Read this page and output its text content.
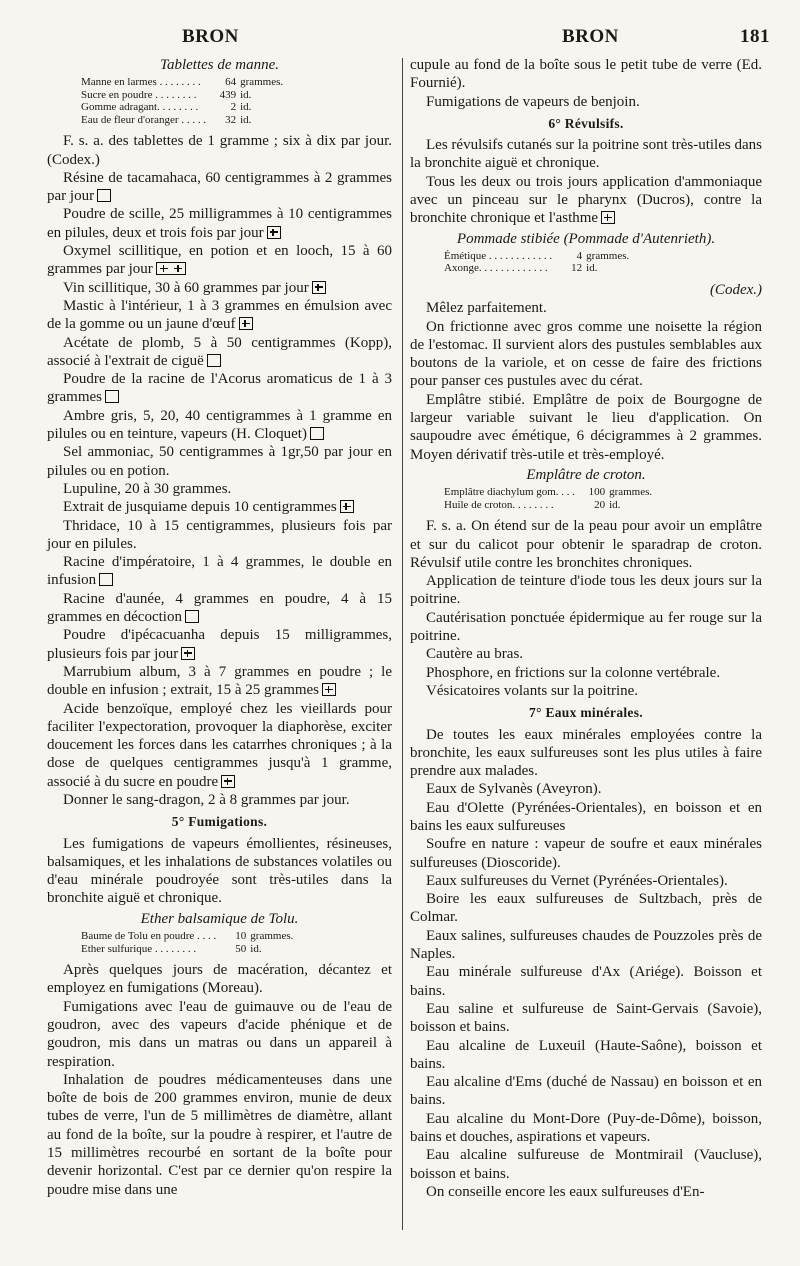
BRON	BRON	181

Tablettes de manne.

Manne en larmes . . . . . . . .	64	grammes.
Sucre en poudre . . . . . . . .	439	id.
Gomme adragant. . . . . . . .	2	id.
Eau de fleur d'oranger . . . . .	32	id.

F. s. a. des tablettes de 1 gramme ; six à dix par jour. (Codex.)

Résine de tacamahaca, 60 centigrammes à 2 grammes par jour

Poudre de scille, 25 milligrammes à 10 centigrammes en pilules, deux et trois fois par jour

Oxymel scillitique, en potion et en looch, 15 à 60 grammes par jour

Vin scillitique, 30 à 60 grammes par jour

Mastic à l'intérieur, 1 à 3 grammes en émulsion avec de la gomme ou un jaune d'œuf

Acétate de plomb, 5 à 50 centigrammes (Kopp), associé à l'extrait de ciguë

Poudre de la racine de l'Acorus aromaticus de 1 à 3 grammes

Ambre gris, 5, 20, 40 centigrammes à 1 gramme en pilules ou en teinture, vapeurs (H. Cloquet)

Sel ammoniac, 50 centigrammes à 1gr,50 par jour en pilules ou en potion.

Lupuline, 20 à 30 grammes.

Extrait de jusquiame depuis 10 centigrammes

Thridace, 10 à 15 centigrammes, plusieurs fois par jour en pilules.

Racine d'impératoire, 1 à 4 grammes, le double en infusion

Racine d'aunée, 4 grammes en poudre, 4 à 15 grammes en décoction

Poudre d'ipécacuanha depuis 15 milligrammes, plusieurs fois par jour

Marrubium album, 3 à 7 grammes en poudre ; le double en infusion ; extrait, 15 à 25 grammes

Acide benzoïque, employé chez les vieillards pour faciliter l'expectoration, provoquer la diaphorèse, exciter doucement les forces dans les catarrhes chroniques ; à la dose de quelques centigrammes jusqu'à 1 gramme, associé à du sucre en poudre

Donner le sang-dragon, 2 à 8 grammes par jour.

5° Fumigations.

Les fumigations de vapeurs émollientes, résineuses, balsamiques, et les inhalations de substances volatiles ou d'eau minérale poudroyée sont très-utiles dans la bronchite aiguë et chronique.

Ether balsamique de Tolu.

Baume de Tolu en poudre . . . .	10	grammes.
Ether sulfurique . . . . . . . .	50	id.

Après quelques jours de macération, décantez et employez en fumigations (Moreau).

Fumigations avec l'eau de guimauve ou de l'eau de goudron, avec des vapeurs d'acide phénique et de goudron, mis dans un matras ou dans un appareil à respiration.

Inhalation de poudres médicamenteuses dans une boîte de bois de 200 grammes environ, munie de deux tubes de verre, l'un de 5 millimètres de diamètre, allant au fond de la boîte, sur la poudre à respirer, et l'autre de 15 millimètres recourbé en sortant de la boîte pour devenir horizontal. C'est par ce dernier qu'on respire la poudre mise dans une

cupule au fond de la boîte sous le petit tube de verre (Ed. Fournié).

Fumigations de vapeurs de benjoin.

6° Révulsifs.

Les révulsifs cutanés sur la poitrine sont très-utiles dans la bronchite aiguë et chronique.

Tous les deux ou trois jours application d'ammoniaque avec un pinceau sur le pharynx (Ducros), contre la bronchite chronique et l'asthme

Pommade stibiée (Pommade d'Autenrieth).

Émétique . . . . . . . . . . . .	4	grammes.
Axonge. . . . . . . . . . . . .	12	id.

(Codex.)

Mêlez parfaitement.

On frictionne avec gros comme une noisette la région de l'estomac. Il survient alors des pustules semblables aux boutons de la variole, et on cesse de faire des frictions pour panser ces pustules avec du cérat.

Emplâtre stibié. Emplâtre de poix de Bourgogne de largeur variable suivant le lieu d'application. On saupoudre avec émétique, 6 décigrammes à 2 grammes. Moyen dérivatif très-utile et très-employé.

Emplâtre de croton.

Emplâtre diachylum gom. . . .	100	grammes.
Huile de croton. . . . . . . .	20	id.

F. s. a. On étend sur de la peau pour avoir un emplâtre et sur du calicot pour obtenir le sparadrap de croton. Révulsif utile contre les bronchites chroniques.

Application de teinture d'iode tous les deux jours sur la poitrine.

Cautérisation ponctuée épidermique au fer rouge sur la poitrine.

Cautère au bras.

Phosphore, en frictions sur la colonne vertébrale.

Vésicatoires volants sur la poitrine.

7° Eaux minérales.

De toutes les eaux minérales employées contre la bronchite, les eaux sulfureuses sont les plus utiles à faire prendre aux malades.

Eaux de Sylvanès (Aveyron).

Eau d'Olette (Pyrénées-Orientales), en boisson et en bains les eaux sulfureuses

Soufre en nature : vapeur de soufre et eaux minérales sulfureuses (Dioscoride).

Eaux sulfureuses du Vernet (Pyrénées-Orientales).

Boire les eaux sulfureuses de Sultzbach, près de Colmar.

Eaux salines, sulfureuses chaudes de Pouzzoles près de Naples.

Eau minérale sulfureuse d'Ax (Ariége). Boisson et bains.

Eau saline et sulfureuse de Saint-Gervais (Savoie), boisson et bains.

Eau alcaline de Luxeuil (Haute-Saône), boisson et bains.

Eau alcaline d'Ems (duché de Nassau) en boisson et en bains.

Eau alcaline du Mont-Dore (Puy-de-Dôme), boisson, bains et douches, aspirations et vapeurs.

Eau alcaline sulfureuse de Montmirail (Vaucluse), boisson et bains.

On conseille encore les eaux sulfureuses d'En-
